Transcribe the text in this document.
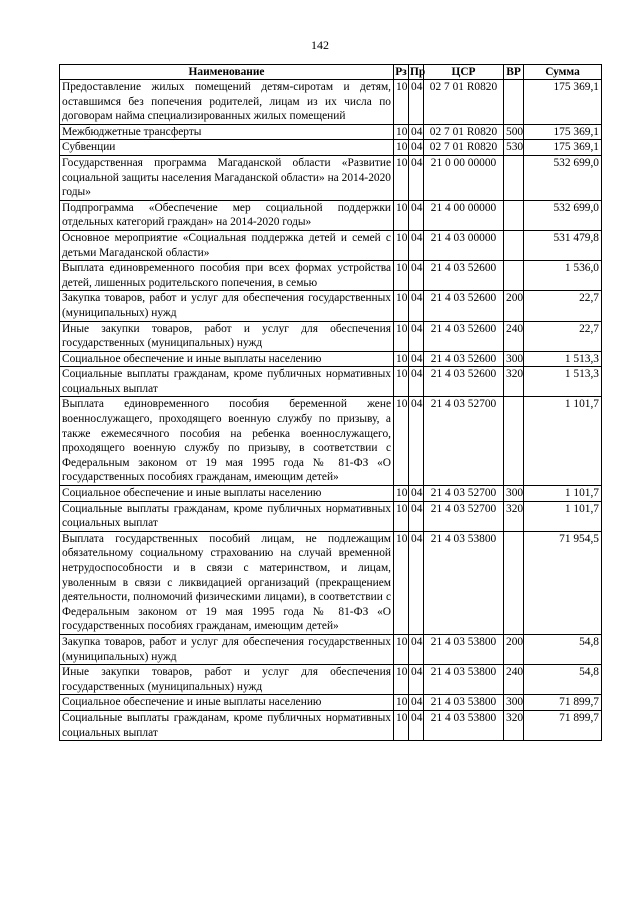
142
Наименование	Рз	Пр	ЦСР	ВР	Сумма
Предоставление жилых помещений детям-сиротам и детям, оставшимся без попечения родителей, лицам из их числа по договорам найма специализированных жилых помещений	10	04	02 7 01 R0820		175 369,1
Межбюджетные трансферты	10	04	02 7 01 R0820	500	175 369,1
Субвенции	10	04	02 7 01 R0820	530	175 369,1
Государственная программа Магаданской области «Развитие социальной защиты населения Магаданской области» на 2014-2020 годы»	10	04	21 0 00 00000		532 699,0
Подпрограмма «Обеспечение мер социальной поддержки отдельных категорий граждан» на 2014-2020 годы»	10	04	21 4 00 00000		532 699,0
Основное мероприятие «Социальная поддержка детей и семей с детьми Магаданской области»	10	04	21 4 03 00000		531 479,8
Выплата единовременного пособия при всех формах устройства детей, лишенных родительского попечения, в семью	10	04	21 4 03 52600		1 536,0
Закупка товаров, работ и услуг для обеспечения государственных (муниципальных) нужд	10	04	21 4 03 52600	200	22,7
Иные закупки товаров, работ и услуг для обеспечения государственных (муниципальных) нужд	10	04	21 4 03 52600	240	22,7
Социальное обеспечение и иные выплаты населению	10	04	21 4 03 52600	300	1 513,3
Социальные выплаты гражданам, кроме публичных нормативных социальных выплат	10	04	21 4 03 52600	320	1 513,3
Выплата единовременного пособия беременной жене военнослужащего, проходящего военную службу по призыву, а также ежемесячного пособия на ребенка военнослужащего, проходящего военную службу по призыву, в соответствии с Федеральным законом от 19 мая 1995 года № 81-ФЗ «О государственных пособиях гражданам, имеющим детей»	10	04	21 4 03 52700		1 101,7
Социальное обеспечение и иные выплаты населению	10	04	21 4 03 52700	300	1 101,7
Социальные выплаты гражданам, кроме публичных нормативных социальных выплат	10	04	21 4 03 52700	320	1 101,7
Выплата государственных пособий лицам, не подлежащим обязательному социальному страхованию на случай временной нетрудоспособности и в связи с материнством, и лицам, уволенным в связи с ликвидацией организаций (прекращением деятельности, полномочий физическими лицами), в соответствии с Федеральным законом от 19 мая 1995 года № 81-ФЗ «О государственных пособиях гражданам, имеющим детей»	10	04	21 4 03 53800		71 954,5
Закупка товаров, работ и услуг для обеспечения государственных (муниципальных) нужд	10	04	21 4 03 53800	200	54,8
Иные закупки товаров, работ и услуг для обеспечения государственных (муниципальных) нужд	10	04	21 4 03 53800	240	54,8
Социальное обеспечение и иные выплаты населению	10	04	21 4 03 53800	300	71 899,7
Социальные выплаты гражданам, кроме публичных нормативных социальных выплат	10	04	21 4 03 53800	320	71 899,7
